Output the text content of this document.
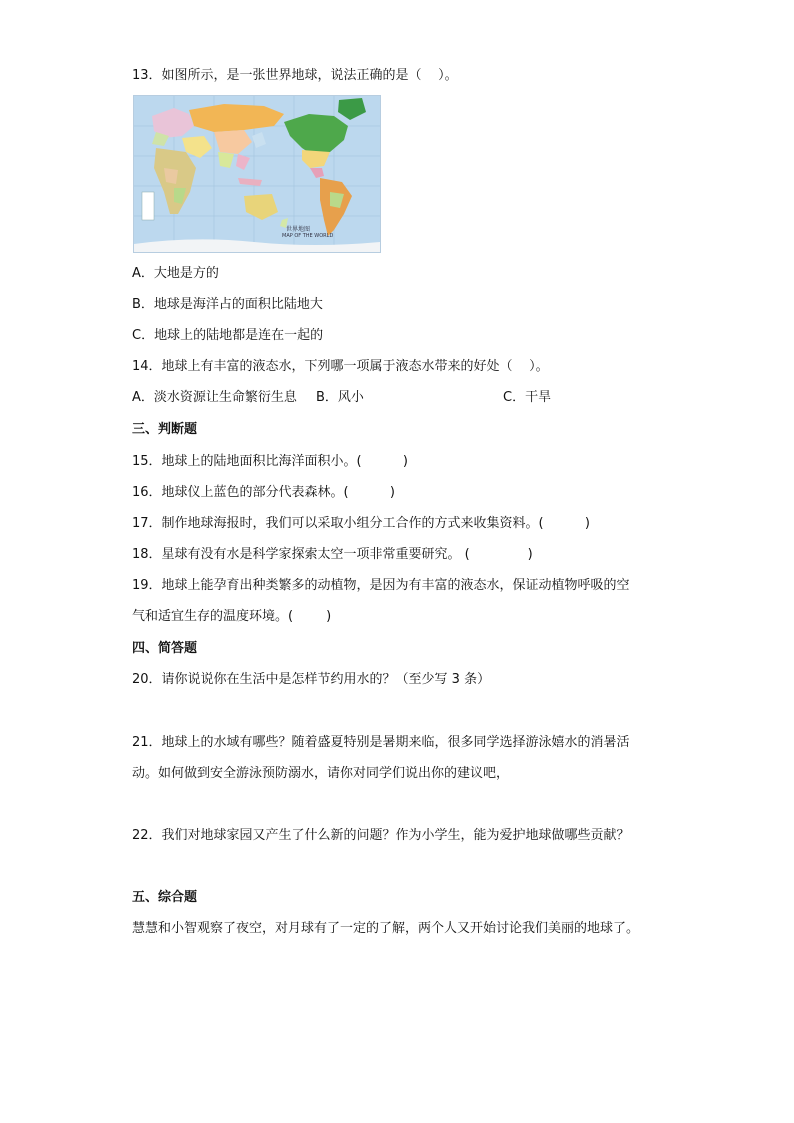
13．如图所示，是一张世界地球，说法正确的是（    ）。
世界地图
MAP OF THE WORLD
A．大地是方的
B．地球是海洋占的面积比陆地大
C．地球上的陆地都是连在一起的
14．地球上有丰富的液态水，下列哪一项属于液态水带来的好处（    ）。
A．淡水资源让生命繁衍生息 B．风小	C．干旱
三、判断题
15．地球上的陆地面积比海洋面积小。(          )
16．地球仪上蓝色的部分代表森林。(          )
17．制作地球海报时，我们可以采取小组分工合作的方式来收集资料。(          )
18．星球有没有水是科学家探索太空一项非常重要研究。 (              )
19．地球上能孕育出种类繁多的动植物，是因为有丰富的液态水，保证动植物呼吸的空
气和适宜生存的温度环境。(        )
四、简答题
20．请你说说你在生活中是怎样节约用水的？（至少写 3 条）
21．地球上的水域有哪些？随着盛夏特别是暑期来临，很多同学选择游泳嬉水的消暑活
动。如何做到安全游泳预防溺水，请你对同学们说出你的建议吧，
22．我们对地球家园又产生了什么新的问题？作为小学生，能为爱护地球做哪些贡献？
五、综合题
慧慧和小智观察了夜空，对月球有了一定的了解，两个人又开始讨论我们美丽的地球了。
